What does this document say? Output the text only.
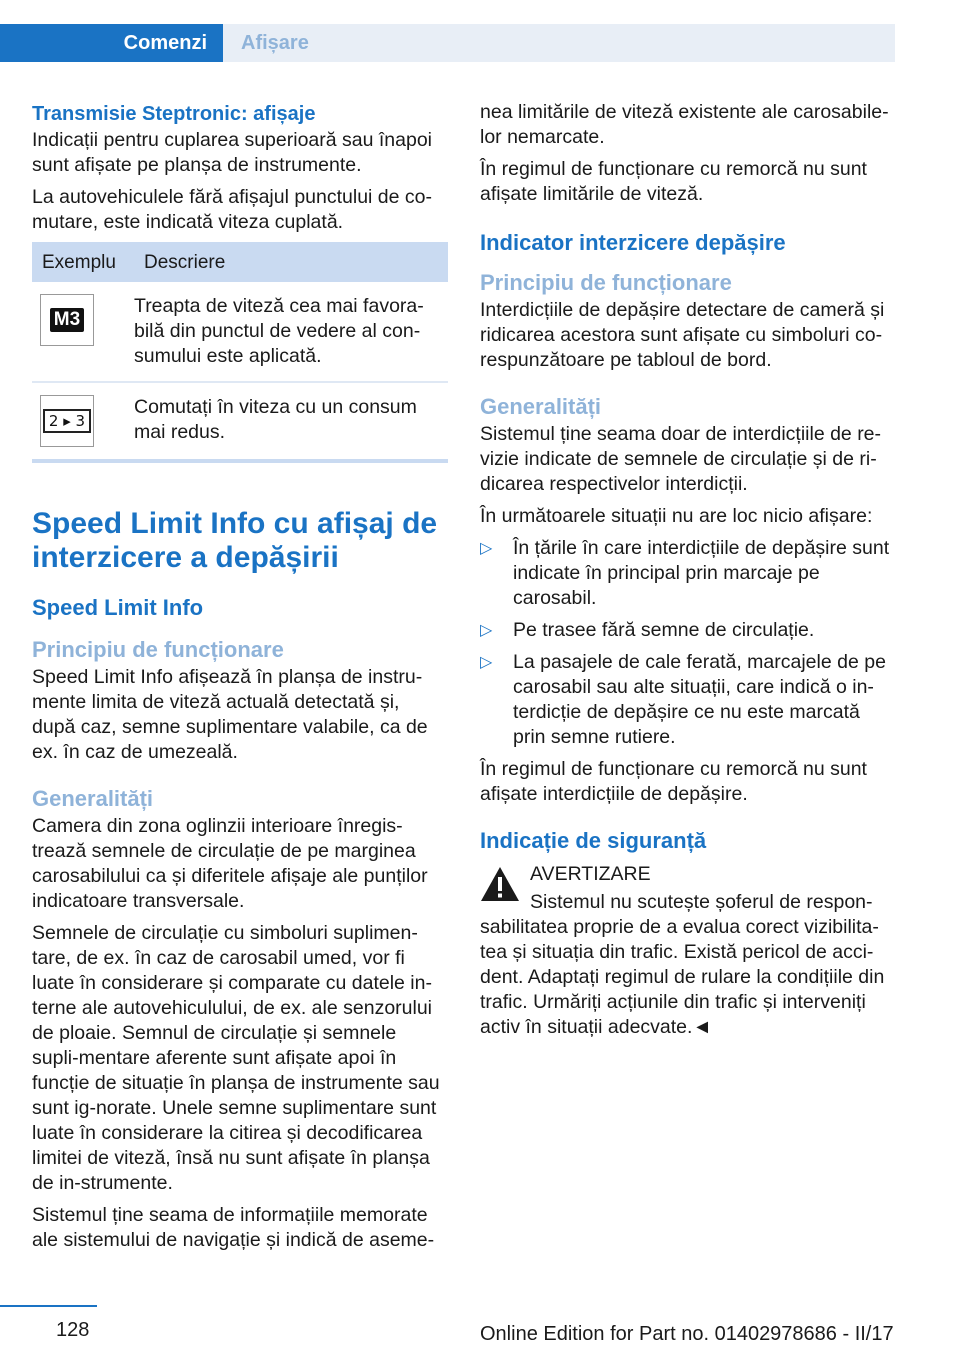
Comenzi	Afișare
Transmisie Steptronic: afișaje

Indicații pentru cuplarea superioară sau înapoi sunt afișate pe planșa de instrumente.

La autovehiculele fără afișajul punctului de co-mutare, este indicată viteza cuplată.

Exemplu	Descriere

M3	Treapta de viteză cea mai favora-bilă din punctul de vedere al con-sumului este aplicată.

2 ▸ 3	Comutați în viteza cu un consum mai redus.
Speed Limit Info cu afișaj de interzicere a depășirii
Speed Limit Info
Principiu de funcționare

Speed Limit Info afișează în planșa de instru-mente limita de viteză actuală detectată și, după caz, semne suplimentare valabile, ca de ex. în caz de umezeală.

Generalități

Camera din zona oglinzii interioare înregis-trează semnele de circulație de pe marginea carosabilului ca și diferitele afișaje ale punților indicatoare transversale.

Semnele de circulație cu simboluri suplimen-tare, de ex. în caz de carosabil umed, vor fi luate în considerare și comparate cu datele in-terne ale autovehiculului, de ex. ale senzorului de ploaie. Semnul de circulație și semnele supli-mentare aferente sunt afișate apoi în funcție de situație în planșa de instrumente sau sunt ig-norate. Unele semne suplimentare sunt luate în considerare la citirea și decodificarea limitei de viteză, însă nu sunt afișate în planșa de in-strumente.

Sistemul ține seama de informațiile memorate ale sistemului de navigație și indică de aseme-

nea limitările de viteză existente ale carosabile-lor nemarcate.

În regimul de funcționare cu remorcă nu sunt afișate limitările de viteză.

Indicator interzicere depășire
Principiu de funcționare

Interdicțiile de depășire detectare de cameră și ridicarea acestora sunt afișate cu simboluri co-respunzătoare pe tabloul de bord.

Generalități

Sistemul ține seama doar de interdicțiile de re-vizie indicate de semnele de circulație și de ri-dicarea respectivelor interdicții.

În următoarele situații nu are loc nicio afișare:

▷ În țările în care interdicțiile de depășire sunt indicate în principal prin marcaje pe carosabil.
▷ Pe trasee fără semne de circulație.
▷ La pasajele de cale ferată, marcajele de pe carosabil sau alte situații, care indică o in-terdicție de depășire ce nu este marcată prin semne rutiere.

În regimul de funcționare cu remorcă nu sunt afișate interdicțiile de depășire.

Indicație de siguranță
AVERTIZARE

Sistemul nu scutește șoferul de respon-sabilitatea proprie de a evalua corect vizibilita-tea și situația din trafic. Există pericol de acci-dent. Adaptați regimul de rulare la condițiile din trafic. Urmăriți acțiunile din trafic și interveniți activ în situații adecvate.◄

128	Online Edition for Part no. 01402978686 - II/17
